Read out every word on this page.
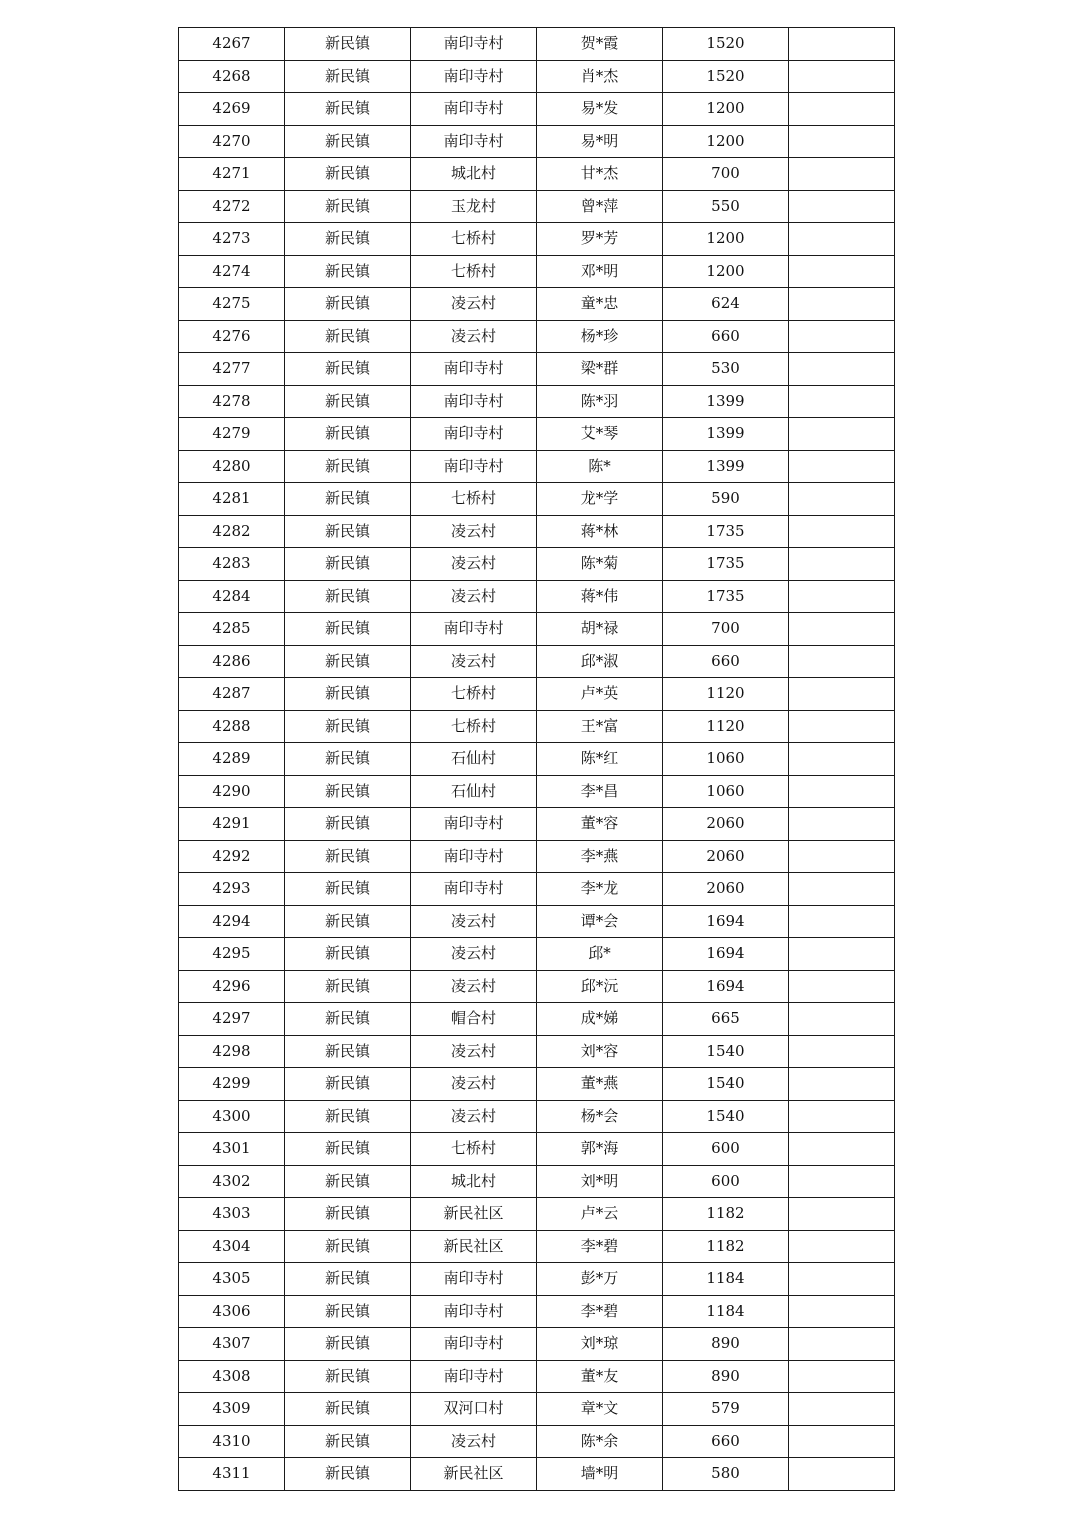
4267	新民镇	南印寺村	贺*霞	1520	
4268	新民镇	南印寺村	肖*杰	1520	
4269	新民镇	南印寺村	易*发	1200	
4270	新民镇	南印寺村	易*明	1200	
4271	新民镇	城北村	甘*杰	700	
4272	新民镇	玉龙村	曾*萍	550	
4273	新民镇	七桥村	罗*芳	1200	
4274	新民镇	七桥村	邓*明	1200	
4275	新民镇	凌云村	童*忠	624	
4276	新民镇	凌云村	杨*珍	660	
4277	新民镇	南印寺村	梁*群	530	
4278	新民镇	南印寺村	陈*羽	1399	
4279	新民镇	南印寺村	艾*琴	1399	
4280	新民镇	南印寺村	陈*	1399	
4281	新民镇	七桥村	龙*学	590	
4282	新民镇	凌云村	蒋*林	1735	
4283	新民镇	凌云村	陈*菊	1735	
4284	新民镇	凌云村	蒋*伟	1735	
4285	新民镇	南印寺村	胡*禄	700	
4286	新民镇	凌云村	邱*淑	660	
4287	新民镇	七桥村	卢*英	1120	
4288	新民镇	七桥村	王*富	1120	
4289	新民镇	石仙村	陈*红	1060	
4290	新民镇	石仙村	李*昌	1060	
4291	新民镇	南印寺村	董*容	2060	
4292	新民镇	南印寺村	李*燕	2060	
4293	新民镇	南印寺村	李*龙	2060	
4294	新民镇	凌云村	谭*会	1694	
4295	新民镇	凌云村	邱*	1694	
4296	新民镇	凌云村	邱*沅	1694	
4297	新民镇	帽合村	成*娣	665	
4298	新民镇	凌云村	刘*容	1540	
4299	新民镇	凌云村	董*燕	1540	
4300	新民镇	凌云村	杨*会	1540	
4301	新民镇	七桥村	郭*海	600	
4302	新民镇	城北村	刘*明	600	
4303	新民镇	新民社区	卢*云	1182	
4304	新民镇	新民社区	李*碧	1182	
4305	新民镇	南印寺村	彭*万	1184	
4306	新民镇	南印寺村	李*碧	1184	
4307	新民镇	南印寺村	刘*琼	890	
4308	新民镇	南印寺村	董*友	890	
4309	新民镇	双河口村	章*文	579	
4310	新民镇	凌云村	陈*余	660	
4311	新民镇	新民社区	墙*明	580	
